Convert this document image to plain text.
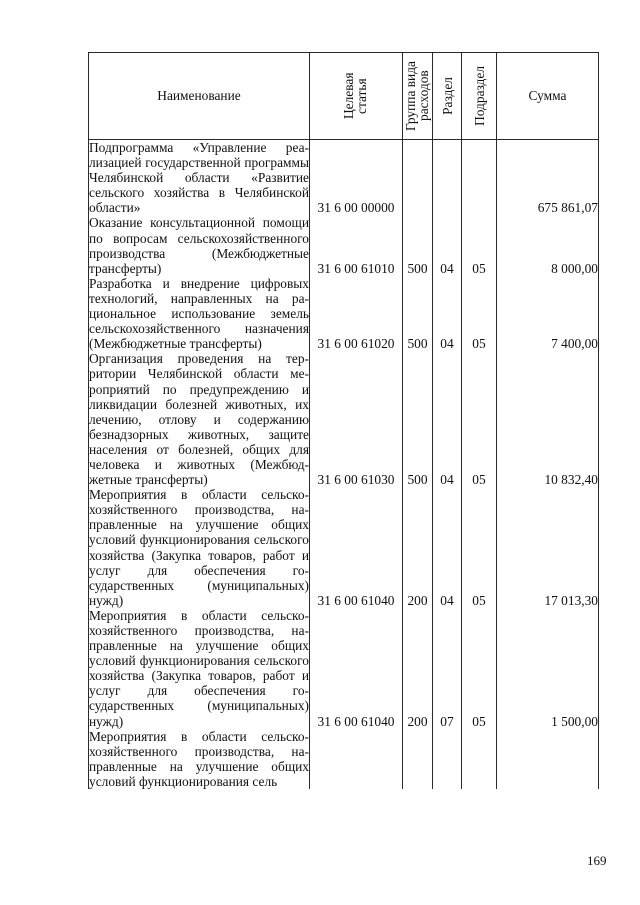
Наименование	Целевая статья	Группа вида расходов	Раздел	Подраздел	Сумма
Подпрограмма «Управление реализацией государственной программы Челябинской области «Развитие сельского хозяйства в Челябинской области»	31 6 00 00000				675 861,07
Оказание консультационной помощи по вопросам сельскохозяйственного производства (Межбюджетные трансферты)	31 6 00 61010	500	04	05	8 000,00
Разработка и внедрение цифровых технологий, направленных на рациональное использование земель сельскохозяйственного назначения (Межбюджетные трансферты)	31 6 00 61020	500	04	05	7 400,00
Организация проведения на территории Челябинской области мероприятий по предупреждению и ликвидации болезней животных, их лечению, отлову и содержанию безнадзорных животных, защите населения от болезней, общих для человека и животных (Межбюджетные трансферты)	31 6 00 61030	500	04	05	10 832,40
Мероприятия в области сельскохозяйственного производства, направленные на улучшение общих условий функционирования сельского хозяйства (Закупка товаров, работ и услуг для обеспечения государственных (муниципальных) нужд)	31 6 00 61040	200	04	05	17 013,30
Мероприятия в области сельскохозяйственного производства, направленные на улучшение общих условий функционирования сельского хозяйства (Закупка товаров, работ и услуг для обеспечения государственных (муниципальных) нужд)	31 6 00 61040	200	07	05	1 500,00
Мероприятия в области сельскохозяйственного производства, направленные на улучшение общих условий функционирования сель					
169
